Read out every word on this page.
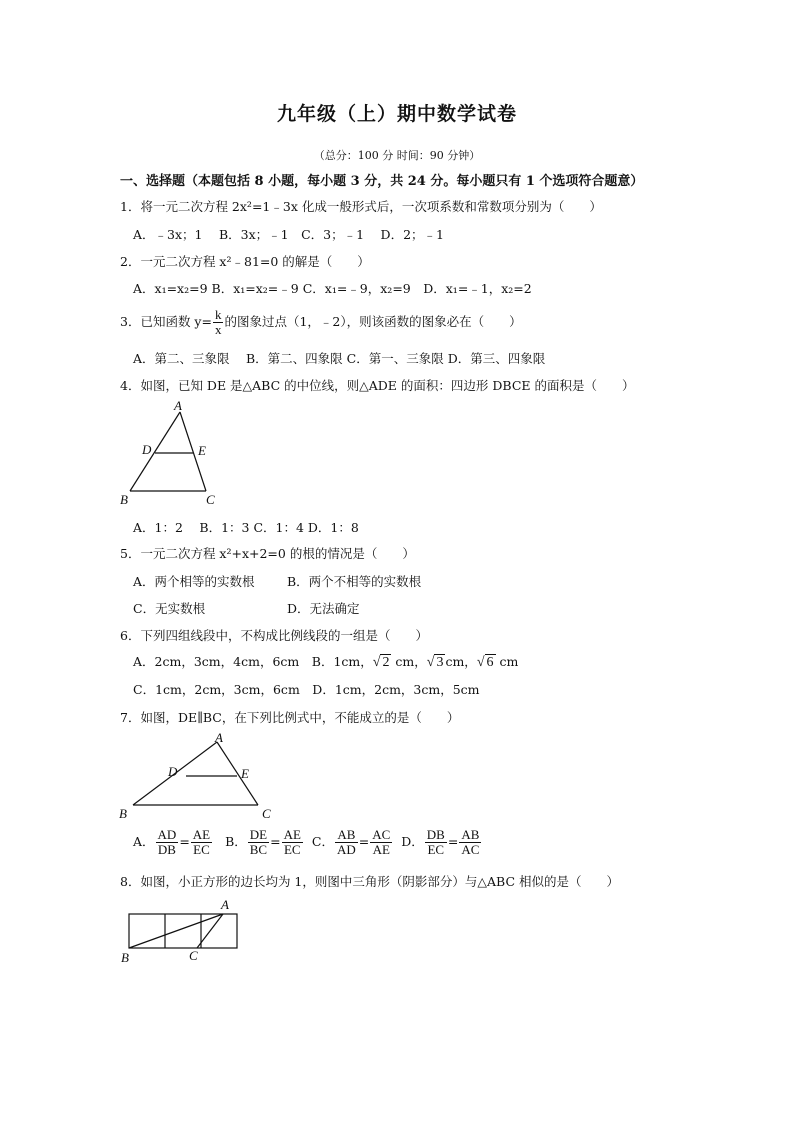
九年级（上）期中数学试卷
（总分：100 分 时间：90 分钟）
一、选择题（本题包括 8 小题，每小题 3 分，共 24 分。每小题只有 1 个选项符合题意）
1．将一元二次方程 2x²=1﹣3x 化成一般形式后，一次项系数和常数项分别为（　　）
A．﹣3x；1　 B．3x；﹣1　C．3；﹣1　 D．2；﹣1
2．一元二次方程 x²﹣81=0 的解是（　　）
A．x₁=x₂=9 B．x₁=x₂=﹣9 C．x₁=﹣9，x₂=9　D．x₁=﹣1，x₂=2
3．已知函数 $y= \frac{k}{x}$ 的图象过点（1，﹣2），则该函数的图象必在（　　）
A．第二、三象限　 B．第二、四象限 C．第一、三象限 D．第三、四象限
4．如图，已知 DE 是△ABC 的中位线，则△ADE 的面积：四边形 DBCE 的面积是（　　）
A
D	E
B	C
A．1：2　 B．1：3 C．1：4 D．1：8
5．一元二次方程 x²+x+2=0 的根的情况是（　　）
A．两个相等的实数根	B．两个不相等的实数根
C．无实数根	D．无法确定
6．下列四组线段中，不构成比例线段的一组是（　　）
A．2cm，3cm，4cm，6cm　B．1cm，√ 2 cm，√ 3 cm，√ 6 cm
C．1cm，2cm，3cm，6cm　D．1cm，2cm，3cm，5cm
7．如图，DE∥BC，在下列比例式中，不能成立的是（　　）
A
D	E
B	C
A． $\frac{AD}{DB} = \frac{AE}{EC}$ B． $\frac{DE}{BC} = \frac{AE}{EC}$ C． $\frac{AB}{AD} = \frac{AC}{AE}$ D． $\frac{DB}{EC} = \frac{AB}{AC}$
8．如图，小正方形的边长均为 1，则图中三角形（阴影部分）与△ABC 相似的是（　　）
A
B	C
